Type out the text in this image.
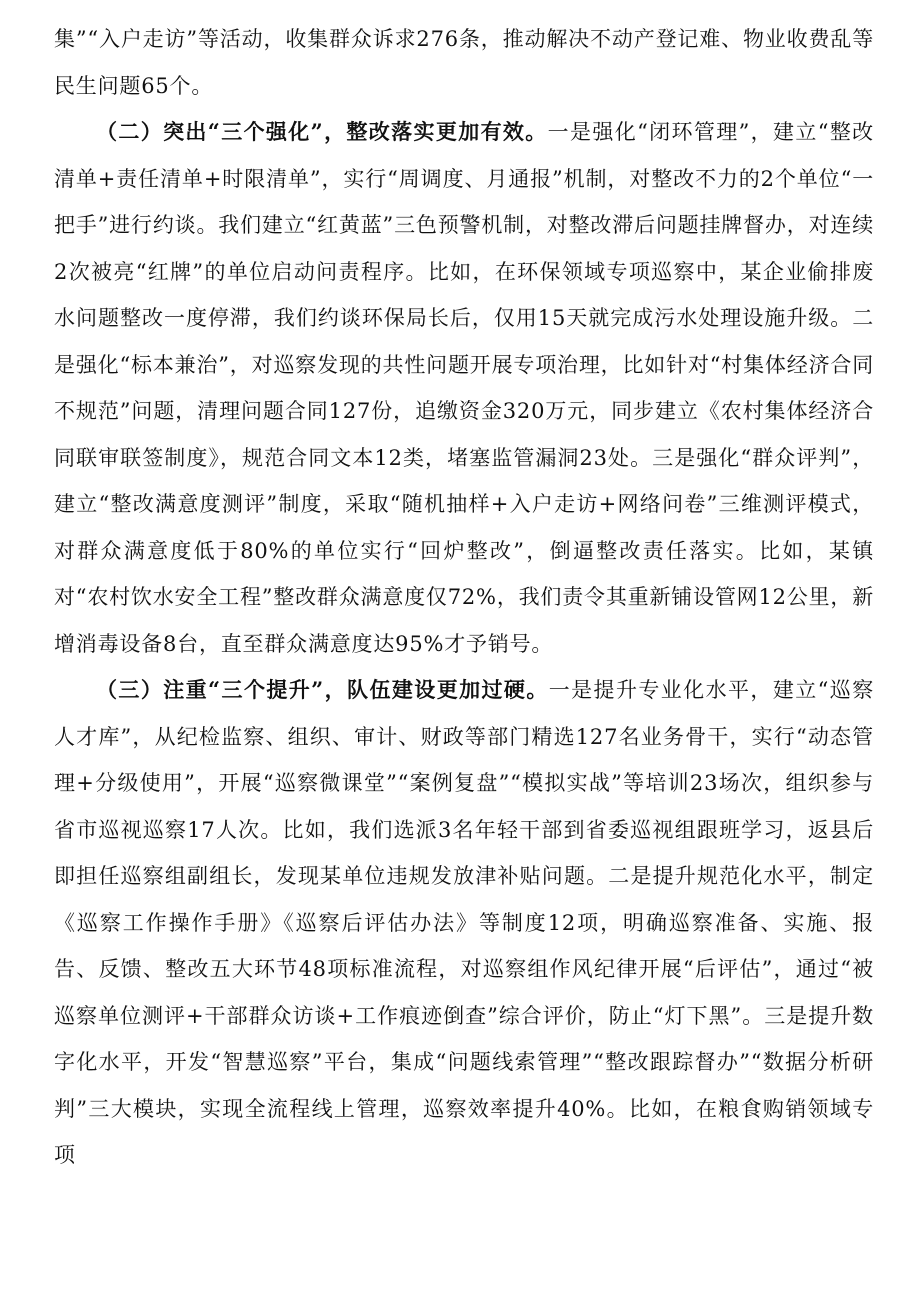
集”“入户走访”等活动，收集群众诉求276条，推动解决不动产登记难、物业收费乱等民生问题65个。

（二）突出“三个强化”，整改落实更加有效。一是强化“闭环管理”，建立“整改清单+责任清单+时限清单”，实行“周调度、月通报”机制，对整改不力的2个单位“一把手”进行约谈。我们建立“红黄蓝”三色预警机制，对整改滞后问题挂牌督办，对连续2次被亮“红牌”的单位启动问责程序。比如，在环保领域专项巡察中，某企业偷排废水问题整改一度停滞，我们约谈环保局长后，仅用15天就完成污水处理设施升级。二是强化“标本兼治”，对巡察发现的共性问题开展专项治理，比如针对“村集体经济合同不规范”问题，清理问题合同127份，追缴资金320万元，同步建立《农村集体经济合同联审联签制度》，规范合同文本12类，堵塞监管漏洞23处。三是强化“群众评判”，建立“整改满意度测评”制度，采取“随机抽样+入户走访+网络问卷”三维测评模式，对群众满意度低于80%的单位实行“回炉整改”，倒逼整改责任落实。比如，某镇对“农村饮水安全工程”整改群众满意度仅72%，我们责令其重新铺设管网12公里，新增消毒设备8台，直至群众满意度达95%才予销号。

（三）注重“三个提升”，队伍建设更加过硬。一是提升专业化水平，建立“巡察人才库”，从纪检监察、组织、审计、财政等部门精选127名业务骨干，实行“动态管理+分级使用”，开展“巡察微课堂”“案例复盘”“模拟实战”等培训23场次，组织参与省市巡视巡察17人次。比如，我们选派3名年轻干部到省委巡视组跟班学习，返县后即担任巡察组副组长，发现某单位违规发放津补贴问题。二是提升规范化水平，制定《巡察工作操作手册》《巡察后评估办法》等制度12项，明确巡察准备、实施、报告、反馈、整改五大环节48项标准流程，对巡察组作风纪律开展“后评估”，通过“被巡察单位测评+干部群众访谈+工作痕迹倒查”综合评价，防止“灯下黑”。三是提升数字化水平，开发“智慧巡察”平台，集成“问题线索管理”“整改跟踪督办”“数据分析研判”三大模块，实现全流程线上管理，巡察效率提升40%。比如，在粮食购销领域专项
